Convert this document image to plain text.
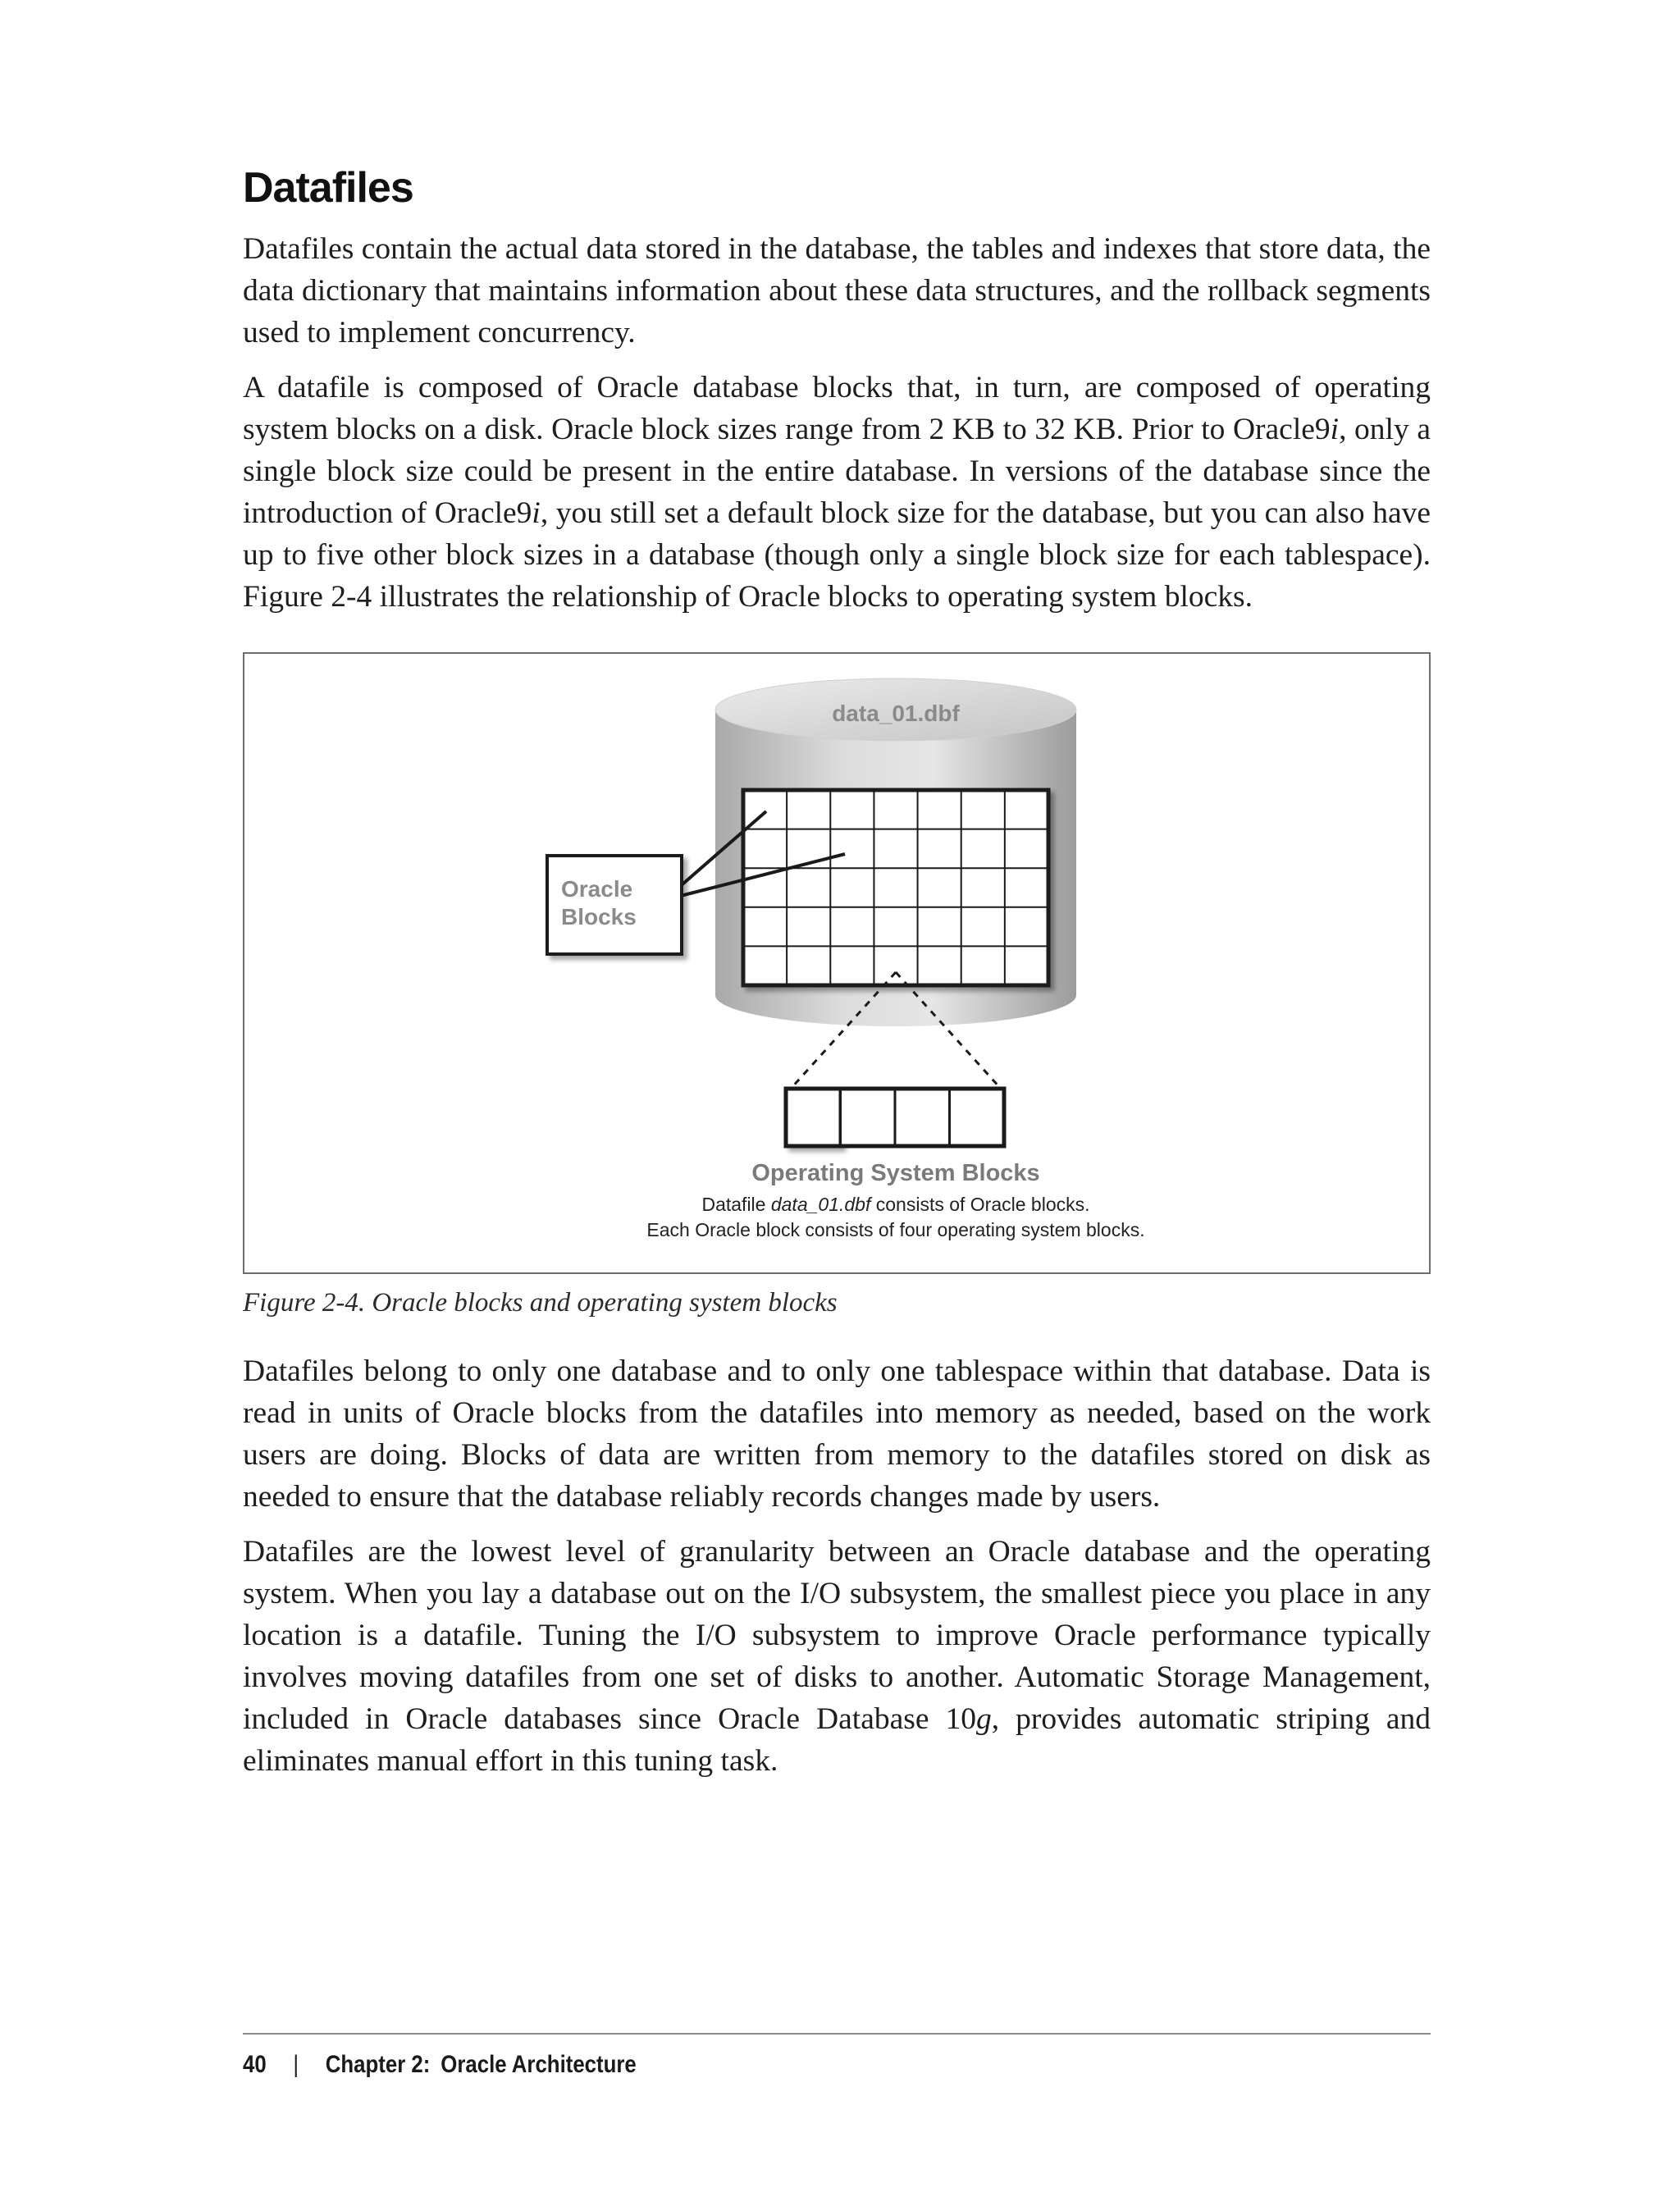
Datafiles

Datafiles contain the actual data stored in the database, the tables and indexes that store data, the data dictionary that maintains information about these data structures, and the rollback segments used to implement concurrency.

A datafile is composed of Oracle database blocks that, in turn, are composed of operating system blocks on a disk. Oracle block sizes range from 2 KB to 32 KB. Prior to Oracle9i, only a single block size could be present in the entire database. In versions of the database since the introduction of Oracle9i, you still set a default block size for the database, but you can also have up to five other block sizes in a database (though only a single block size for each tablespace). Figure 2-4 illustrates the relationship of Oracle blocks to operating system blocks.

data_01.dbf
Oracle
Blocks
Operating System Blocks
Datafile data_01.dbf consists of Oracle blocks.
Each Oracle block consists of four operating system blocks.
Figure 2-4. Oracle blocks and operating system blocks

Datafiles belong to only one database and to only one tablespace within that database. Data is read in units of Oracle blocks from the datafiles into memory as needed, based on the work users are doing. Blocks of data are written from memory to the datafiles stored on disk as needed to ensure that the database reliably records changes made by users.

Datafiles are the lowest level of granularity between an Oracle database and the operating system. When you lay a database out on the I/O subsystem, the smallest piece you place in any location is a datafile. Tuning the I/O subsystem to improve Oracle performance typically involves moving datafiles from one set of disks to another. Automatic Storage Management, included in Oracle databases since Oracle Database 10g, provides automatic striping and eliminates manual effort in this tuning task.

40 | Chapter 2: Oracle Architecture
